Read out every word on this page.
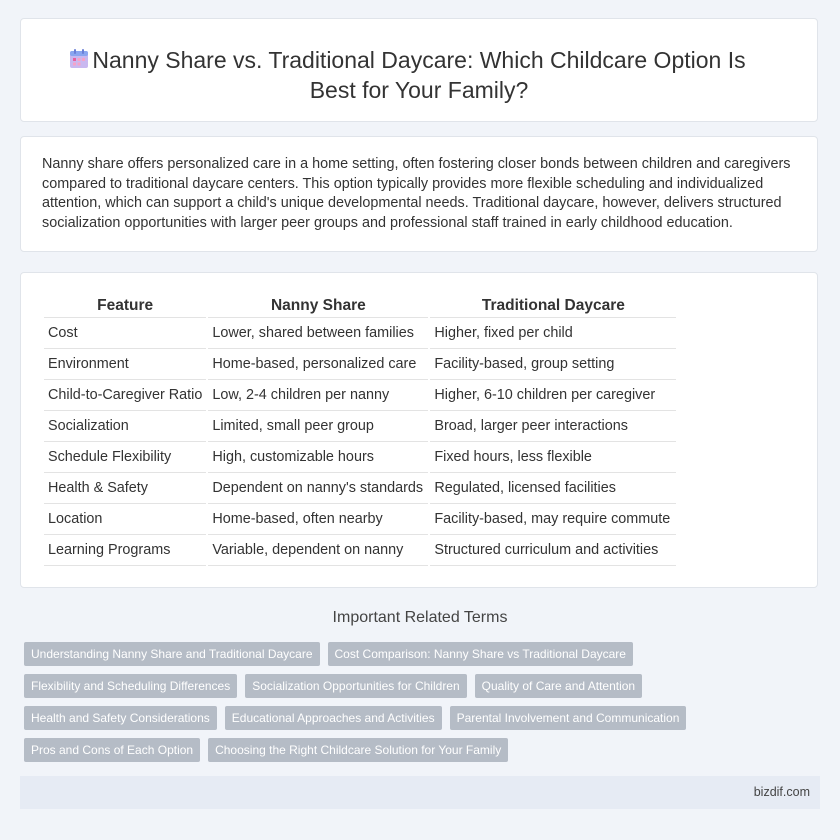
Nanny Share vs. Traditional Daycare: Which Childcare Option Is
Best for Your Family?
Nanny share offers personalized care in a home setting, often fostering closer bonds between children and caregivers compared to traditional daycare centers. This option typically provides more flexible scheduling and individualized attention, which can support a child's unique developmental needs. Traditional daycare, however, delivers structured socialization opportunities with larger peer groups and professional staff trained in early childhood education.
Feature	Nanny Share	Traditional Daycare
Cost	Lower, shared between families	Higher, fixed per child
Environment	Home-based, personalized care	Facility-based, group setting
Child-to-Caregiver Ratio	Low, 2-4 children per nanny	Higher, 6-10 children per caregiver
Socialization	Limited, small peer group	Broad, larger peer interactions
Schedule Flexibility	High, customizable hours	Fixed hours, less flexible
Health & Safety	Dependent on nanny's standards	Regulated, licensed facilities
Location	Home-based, often nearby	Facility-based, may require commute
Learning Programs	Variable, dependent on nanny	Structured curriculum and activities
Important Related Terms
Understanding Nanny Share and Traditional Daycare	Cost Comparison: Nanny Share vs Traditional Daycare
Flexibility and Scheduling Differences	Socialization Opportunities for Children	Quality of Care and Attention
Health and Safety Considerations	Educational Approaches and Activities	Parental Involvement and Communication
Pros and Cons of Each Option	Choosing the Right Childcare Solution for Your Family
bizdif.com
